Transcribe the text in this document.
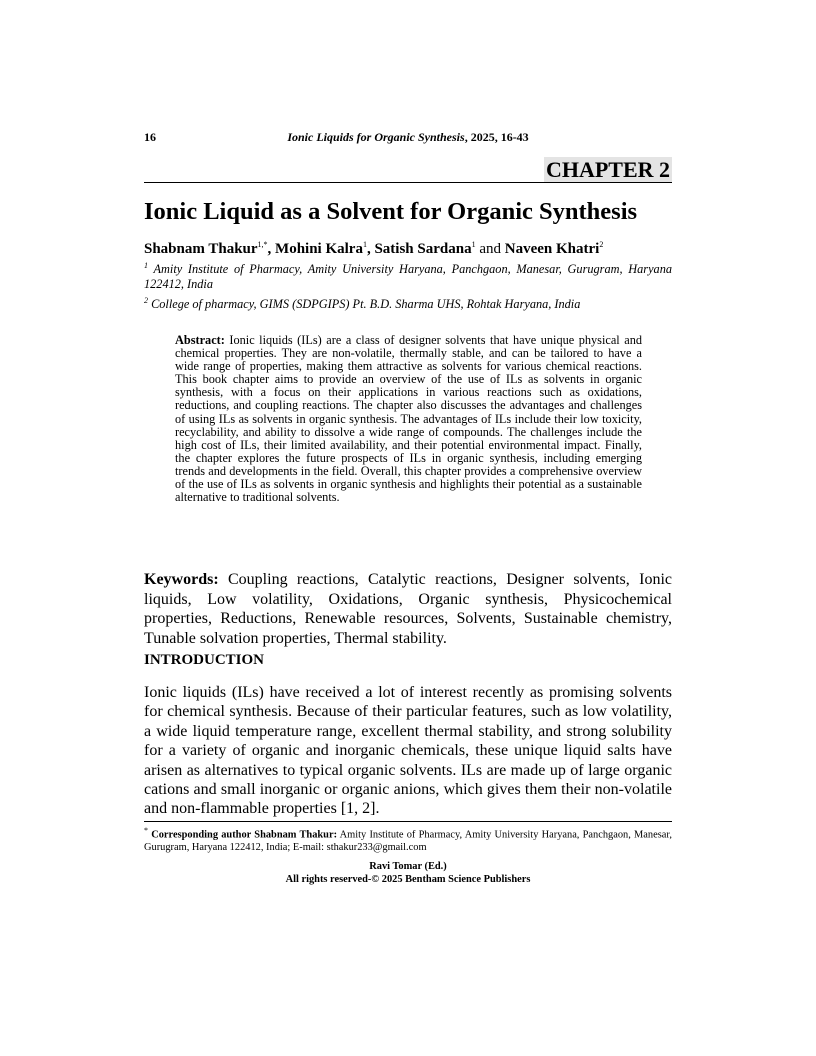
16	Ionic Liquids for Organic Synthesis, 2025, 16-43
CHAPTER 2
Ionic Liquid as a Solvent for Organic Synthesis
Shabnam Thakur$^{1,*}$, Mohini Kalra$^1$, Satish Sardana$^1$ and Naveen Khatri$^2$
$^1$ Amity Institute of Pharmacy, Amity University Haryana, Panchgaon, Manesar, Gurugram, Haryana 122412, India
$^2$ College of pharmacy, GIMS (SDPGIPS) Pt. B.D. Sharma UHS, Rohtak Haryana, India
Abstract: Ionic liquids (ILs) are a class of designer solvents that have unique physical and chemical properties. They are non-volatile, thermally stable, and can be tailored to have a wide range of properties, making them attractive as solvents for various chemical reactions. This book chapter aims to provide an overview of the use of ILs as solvents in organic synthesis, with a focus on their applications in various reactions such as oxidations, reductions, and coupling reactions. The chapter also discusses the advantages and challenges of using ILs as solvents in organic synthesis. The advantages of ILs include their low toxicity, recyclability, and ability to dissolve a wide range of compounds. The challenges include the high cost of ILs, their limited availability, and their potential environmental impact. Finally, the chapter explores the future prospects of ILs in organic synthesis, including emerging trends and developments in the field. Overall, this chapter provides a comprehensive overview of the use of ILs as solvents in organic synthesis and highlights their potential as a sustainable alternative to traditional solvents.
Keywords: Coupling reactions, Catalytic reactions, Designer solvents, Ionic liquids, Low volatility, Oxidations, Organic synthesis, Physicochemical properties, Reductions, Renewable resources, Solvents, Sustainable chemistry, Tunable solvation properties, Thermal stability.
INTRODUCTION
Ionic liquids (ILs) have received a lot of interest recently as promising solvents for chemical synthesis. Because of their particular features, such as low volatility, a wide liquid temperature range, excellent thermal stability, and strong solubility for a variety of organic and inorganic chemicals, these unique liquid salts have arisen as alternatives to typical organic solvents. ILs are made up of large organic cations and small inorganic or organic anions, which gives them their non-volatile and non-flammable properties [1, 2].
* Corresponding author Shabnam Thakur: Amity Institute of Pharmacy, Amity University Haryana, Panchgaon, Manesar, Gurugram, Haryana 122412, India; E-mail: sthakur233@gmail.com
Ravi Tomar (Ed.)
All rights reserved-© 2025 Bentham Science Publishers
